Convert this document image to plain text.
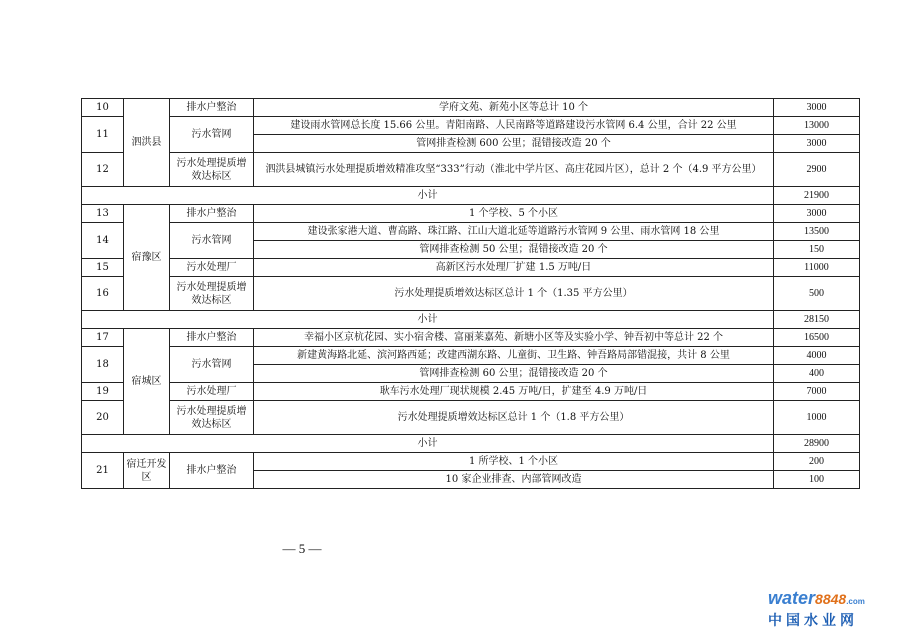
10	泗洪县	排水户整治	学府文苑、新苑小区等总计 10 个	3000
11		污水管网	建设雨水管网总长度 15.66 公里。青阳南路、人民南路等道路建设污水管网 6.4 公里，合计 22 公里	13000
			管网排查检测 600 公里；混错接改造 20 个	3000
12		污水处理提质增效达标区	泗洪县城镇污水处理提质增效精准攻坚“333”行动（淮北中学片区、高庄花园片区），总计 2 个（4.9 平方公里）	2900
小计				21900
13	宿豫区	排水户整治	1 个学校、5 个小区	3000
14		污水管网	建设张家港大道、曹高路、珠江路、江山大道北延等道路污水管网 9 公里、雨水管网 18 公里	13500
			管网排查检测 50 公里；混错接改造 20 个	150
15		污水处理厂	高新区污水处理厂扩建 1.5 万吨/日	11000
16		污水处理提质增效达标区	污水处理提质增效达标区总计 1 个（1.35 平方公里）	500
小计				28150
17	宿城区	排水户整治	幸福小区京杭花园、实小宿舍楼、富丽莱嘉苑、新塘小区等及实验小学、钟吾初中等总计 22 个	16500
18		污水管网	新建黄海路北延、滨河路西延；改建西湖东路、儿童街、卫生路、钟吾路局部错混接，共计 8 公里	4000
			管网排查检测 60 公里；混错接改造 20 个	400
19		污水处理厂	耿车污水处理厂现状规模 2.45 万吨/日，扩建至 4.9 万吨/日	7000
20		污水处理提质增效达标区	污水处理提质增效达标区总计 1 个（1.8 平方公里）	1000
小计				28900
21	宿迁开发区	排水户整治	1 所学校、1 个小区	200
			10 家企业排查、内部管网改造	100
— 5 —
water8848.com
中国水业网
